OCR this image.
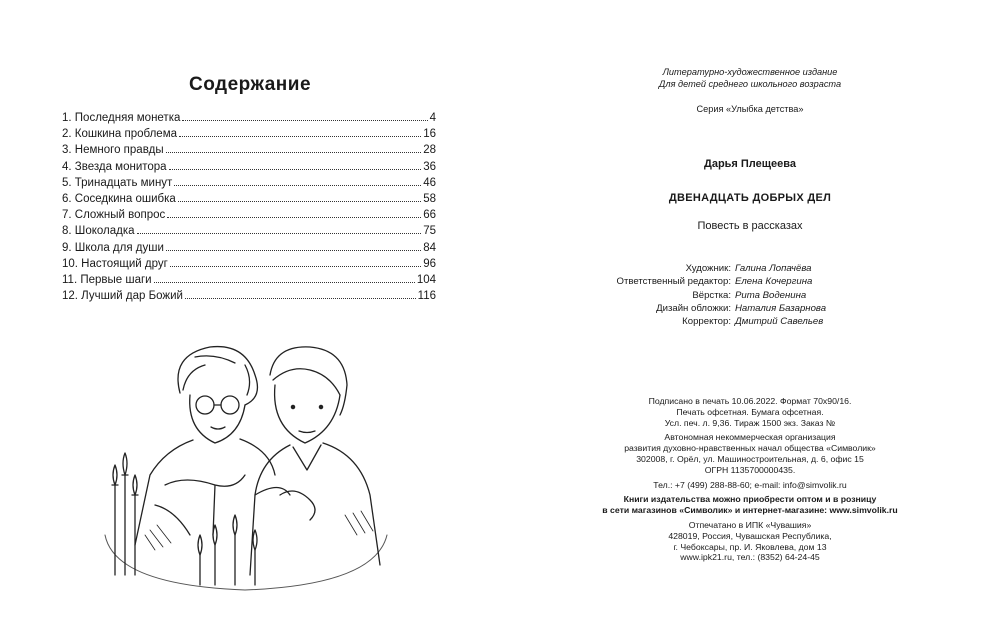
Содержание
1. Последняя монетка	4
2. Кошкина проблема	16
3. Немного правды	28
4. Звезда монитора	36
5. Тринадцать минут	46
6. Соседкина ошибка	58
7. Сложный вопрос	66
8. Шоколадка	75
9. Школа для души	84
10. Настоящий друг	96
11. Первые шаги	104
12. Лучший дар Божий	116
Литературно-художественное издание
Для детей среднего школьного возраста
Серия «Улыбка детства»
Дарья Плещеева
ДВЕНАДЦАТЬ ДОБРЫХ ДЕЛ
Повесть в рассказах
Художник: Галина Лопачёва
Ответственный редактор: Елена Кочергина
Вёрстка: Рита Воденина
Дизайн обложки: Наталия Базарнова
Корректор: Дмитрий Савельев
Подписано в печать 10.06.2022. Формат 70х90/16.
Печать офсетная. Бумага офсетная.
Усл. печ. л. 9,36. Тираж 1500 экз. Заказ №
Автономная некоммерческая организация
развития духовно-нравственных начал общества «Символик»
302008, г. Орёл, ул. Машиностроительная, д. 6, офис 15
ОГРН 1135700000435.
Тел.: +7 (499) 288-88-60; e-mail: info@simvolik.ru
Книги издательства можно приобрести оптом и в розницу
в сети магазинов «Символик» и интернет-магазине: www.simvolik.ru
Отпечатано в ИПК «Чувашия»
428019, Россия, Чувашская Республика,
г. Чебоксары, пр. И. Яковлева, дом 13
www.ipk21.ru, тел.: (8352) 64-24-45
